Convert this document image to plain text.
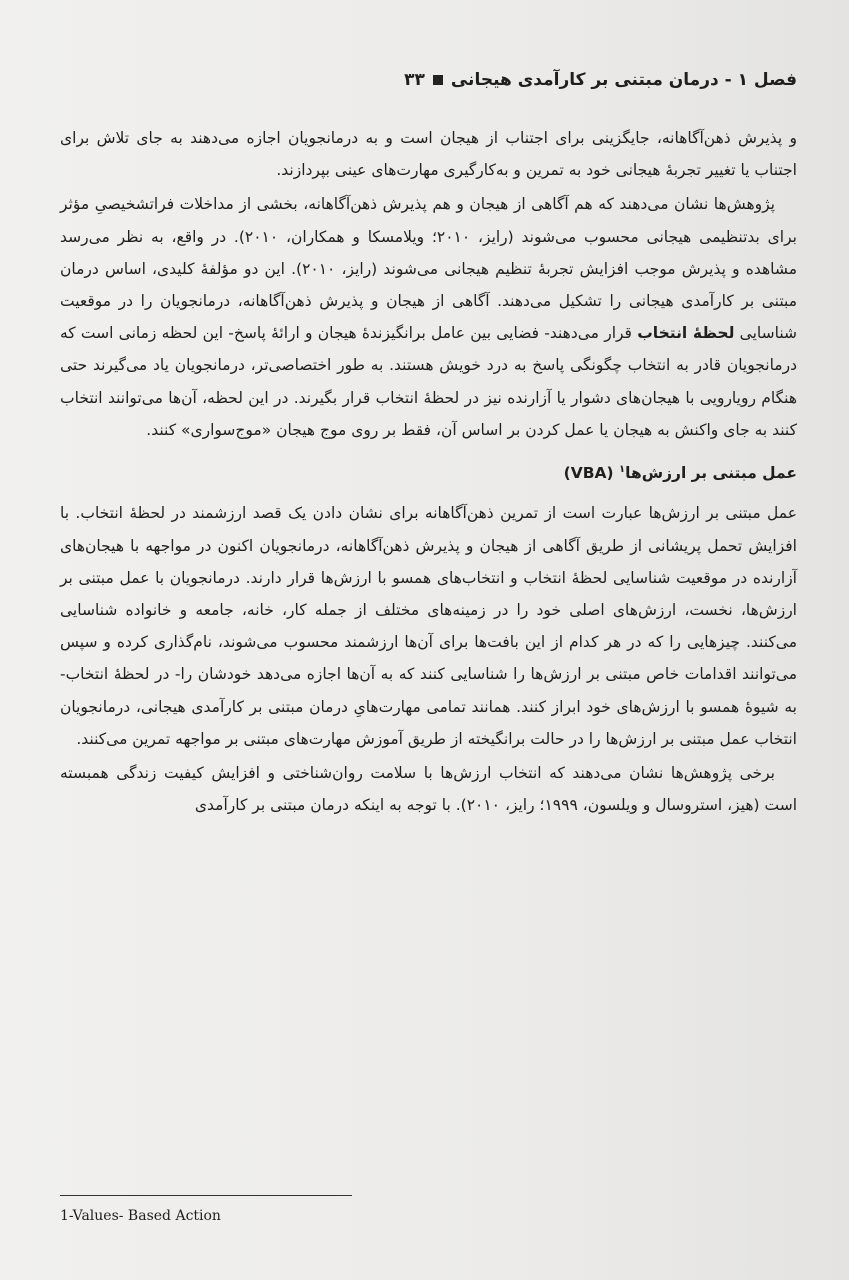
فصل ۱ - درمان مبتنی بر کارآمدی هیجانی۳۳

و پذیرش ذهن‌آگاهانه، جایگزینی برای اجتناب از هیجان است و به درمانجویان اجازه می‌دهند به جای تلاش برای اجتناب یا تغییر تجربهٔ هیجانی خود به تمرین و به‌کارگیری مهارت‌های عینی بپردازند.

پژوهش‌ها نشان می‌دهند که هم آگاهی از هیجان و هم پذیرش ذهن‌آگاهانه، بخشی از مداخلات فراتشخیصیِ مؤثر برای بدتنظیمی هیجانی محسوب می‌شوند (رایز، ۲۰۱۰؛ ویلامسکا و همکاران، ۲۰۱۰). در واقع، به نظر می‌رسد مشاهده و پذیرش موجب افزایش تجربهٔ تنظیم هیجانی می‌شوند (رایز، ۲۰۱۰). این دو مؤلفهٔ کلیدی، اساس درمان مبتنی بر کارآمدی هیجانی را تشکیل می‌دهند. آگاهی از هیجان و پذیرش ذهن‌آگاهانه، درمانجویان را در موقعیت شناسایی لحظهٔ انتخاب قرار می‌دهند- فضایی بین عامل برانگیزندهٔ هیجان و ارائهٔ پاسخ- این لحظه زمانی است که درمانجویان قادر به انتخاب چگونگی پاسخ به درد خویش هستند. به طور اختصاصی‌تر، درمانجویان یاد می‌گیرند حتی هنگام رویارویی با هیجان‌های دشوار یا آزارنده نیز در لحظهٔ انتخاب قرار بگیرند. در این لحظه، آن‌ها می‌توانند انتخاب کنند به جای واکنش به هیجان یا عمل کردن بر اساس آن، فقط بر روی موج هیجان «موج‌سواری» کنند.

عمل مبتنی بر ارزش‌ها$^۱$ (VBA)

عمل مبتنی بر ارزش‌ها عبارت است از تمرین ذهن‌آگاهانه برای نشان دادن یک قصد ارزشمند در لحظهٔ انتخاب. با افزایش تحمل پریشانی از طریق آگاهی از هیجان و پذیرش ذهن‌آگاهانه، درمانجویان اکنون در مواجهه با هیجان‌های آزارنده در موقعیت شناسایی لحظهٔ انتخاب و انتخاب‌های همسو با ارزش‌ها قرار دارند. درمانجویان با عمل مبتنی بر ارزش‌ها، نخست، ارزش‌های اصلی خود را در زمینه‌های مختلف از جمله کار، خانه، جامعه و خانواده شناسایی می‌کنند. چیزهایی را که در هر کدام از این بافت‌ها برای آن‌ها ارزشمند محسوب می‌شوند، نام‌گذاری کرده و سپس می‌توانند اقدامات خاص مبتنی بر ارزش‌ها را شناسایی کنند که به آن‌ها اجازه می‌دهد خودشان را- در لحظهٔ انتخاب- به شیوهٔ همسو با ارزش‌های خود ابراز کنند. همانند تمامی مهارت‌هایِ درمان مبتنی بر کارآمدی هیجانی، درمانجویان انتخاب عمل مبتنی بر ارزش‌ها را در حالت برانگیخته از طریق آموزش مهارت‌های مبتنی بر مواجهه تمرین می‌کنند.

برخی پژوهش‌ها نشان می‌دهند که انتخاب ارزش‌ها با سلامت روان‌شناختی و افزایش کیفیت زندگی همبسته است (هیز، استروسال و ویلسون، ۱۹۹۹؛ رایز، ۲۰۱۰). با توجه به اینکه درمان مبتنی بر کارآمدی

1-Values- Based Action
